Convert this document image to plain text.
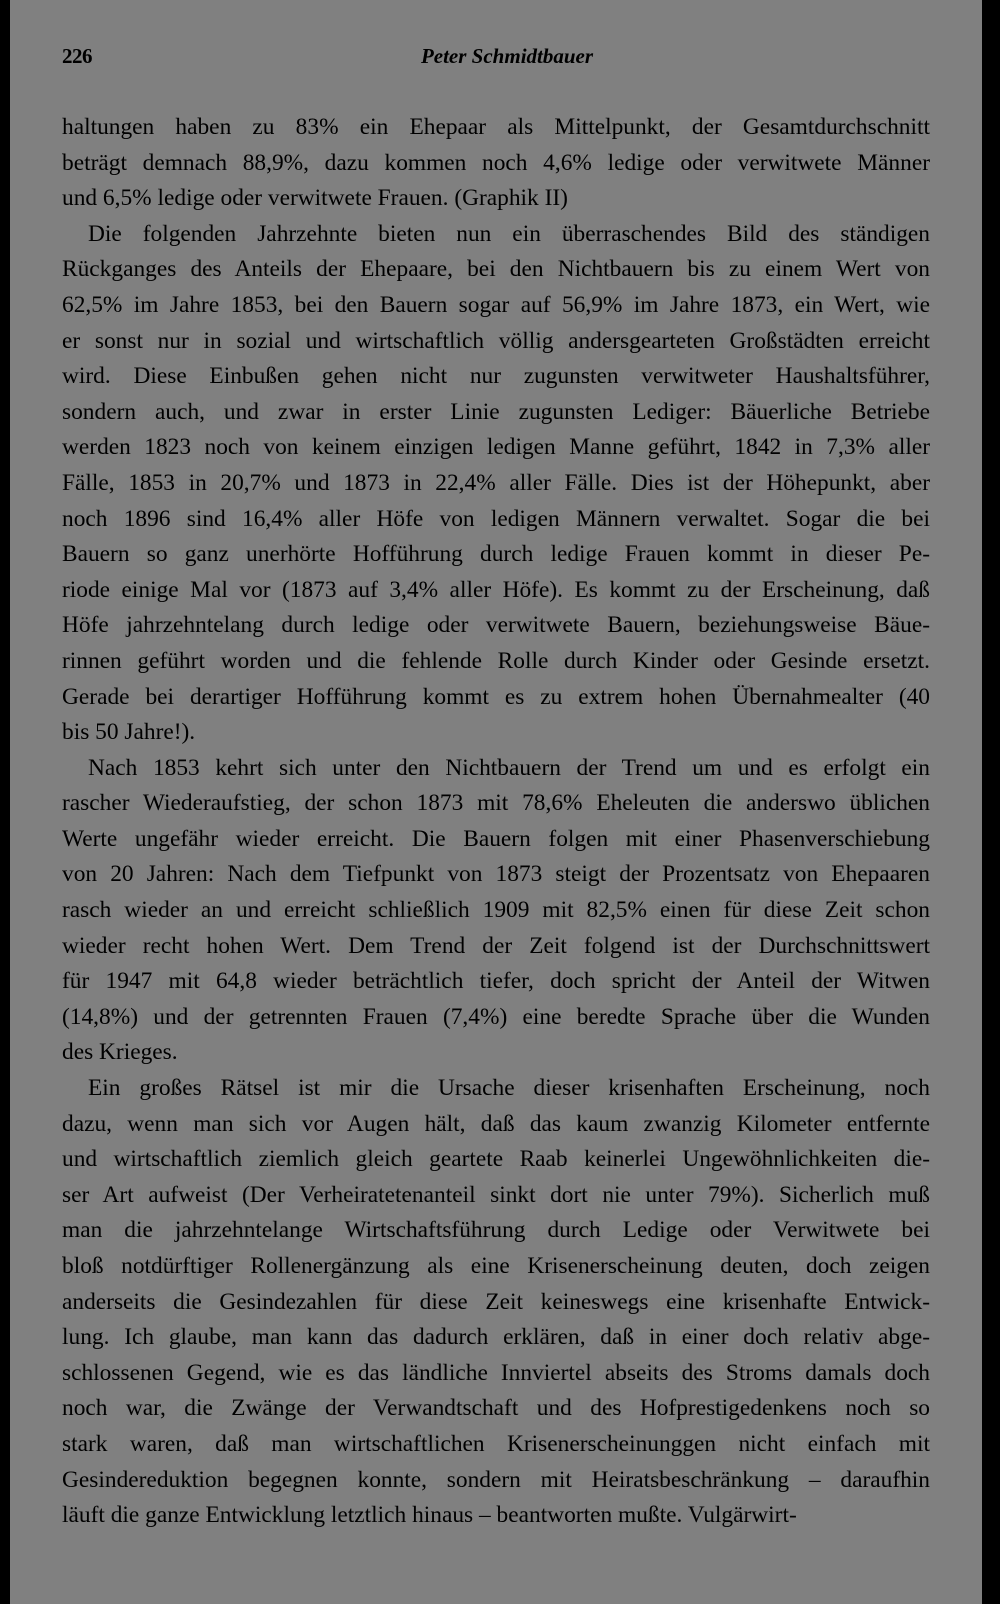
226	Peter Schmidtbauer
haltungen haben zu 83% ein Ehepaar als Mittelpunkt, der Gesamtdurchschnitt
beträgt demnach 88,9%, dazu kommen noch 4,6% ledige oder verwitwete Männer
und 6,5% ledige oder verwitwete Frauen. (Graphik II)
Die folgenden Jahrzehnte bieten nun ein überraschendes Bild des ständigen
Rückganges des Anteils der Ehepaare, bei den Nichtbauern bis zu einem Wert von
62,5% im Jahre 1853, bei den Bauern sogar auf 56,9% im Jahre 1873, ein Wert, wie
er sonst nur in sozial und wirtschaftlich völlig andersgearteten Großstädten erreicht
wird. Diese Einbußen gehen nicht nur zugunsten verwitweter Haushaltsführer,
sondern auch, und zwar in erster Linie zugunsten Lediger: Bäuerliche Betriebe
werden 1823 noch von keinem einzigen ledigen Manne geführt, 1842 in 7,3% aller
Fälle, 1853 in 20,7% und 1873 in 22,4% aller Fälle. Dies ist der Höhepunkt, aber
noch 1896 sind 16,4% aller Höfe von ledigen Männern verwaltet. Sogar die bei
Bauern so ganz unerhörte Hofführung durch ledige Frauen kommt in dieser Pe-
riode einige Mal vor (1873 auf 3,4% aller Höfe). Es kommt zu der Erscheinung, daß
Höfe jahrzehntelang durch ledige oder verwitwete Bauern, beziehungsweise Bäue-
rinnen geführt worden und die fehlende Rolle durch Kinder oder Gesinde ersetzt.
Gerade bei derartiger Hofführung kommt es zu extrem hohen Übernahmealter (40
bis 50 Jahre!).
Nach 1853 kehrt sich unter den Nichtbauern der Trend um und es erfolgt ein
rascher Wiederaufstieg, der schon 1873 mit 78,6% Eheleuten die anderswo üblichen
Werte ungefähr wieder erreicht. Die Bauern folgen mit einer Phasenverschiebung
von 20 Jahren: Nach dem Tiefpunkt von 1873 steigt der Prozentsatz von Ehepaaren
rasch wieder an und erreicht schließlich 1909 mit 82,5% einen für diese Zeit schon
wieder recht hohen Wert. Dem Trend der Zeit folgend ist der Durchschnittswert
für 1947 mit 64,8 wieder beträchtlich tiefer, doch spricht der Anteil der Witwen
(14,8%) und der getrennten Frauen (7,4%) eine beredte Sprache über die Wunden
des Krieges.
Ein großes Rätsel ist mir die Ursache dieser krisenhaften Erscheinung, noch
dazu, wenn man sich vor Augen hält, daß das kaum zwanzig Kilometer entfernte
und wirtschaftlich ziemlich gleich geartete Raab keinerlei Ungewöhnlichkeiten die-
ser Art aufweist (Der Verheiratetenanteil sinkt dort nie unter 79%). Sicherlich muß
man die jahrzehntelange Wirtschaftsführung durch Ledige oder Verwitwete bei
bloß notdürftiger Rollenergänzung als eine Krisenerscheinung deuten, doch zeigen
anderseits die Gesindezahlen für diese Zeit keineswegs eine krisenhafte Entwick-
lung. Ich glaube, man kann das dadurch erklären, daß in einer doch relativ abge-
schlossenen Gegend, wie es das ländliche Innviertel abseits des Stroms damals doch
noch war, die Zwänge der Verwandtschaft und des Hofprestigedenkens noch so
stark waren, daß man wirtschaftlichen Krisenerscheinunggen nicht einfach mit
Gesindereduktion begegnen konnte, sondern mit Heiratsbeschränkung – daraufhin
läuft die ganze Entwicklung letztlich hinaus – beantworten mußte. Vulgärwirt-
